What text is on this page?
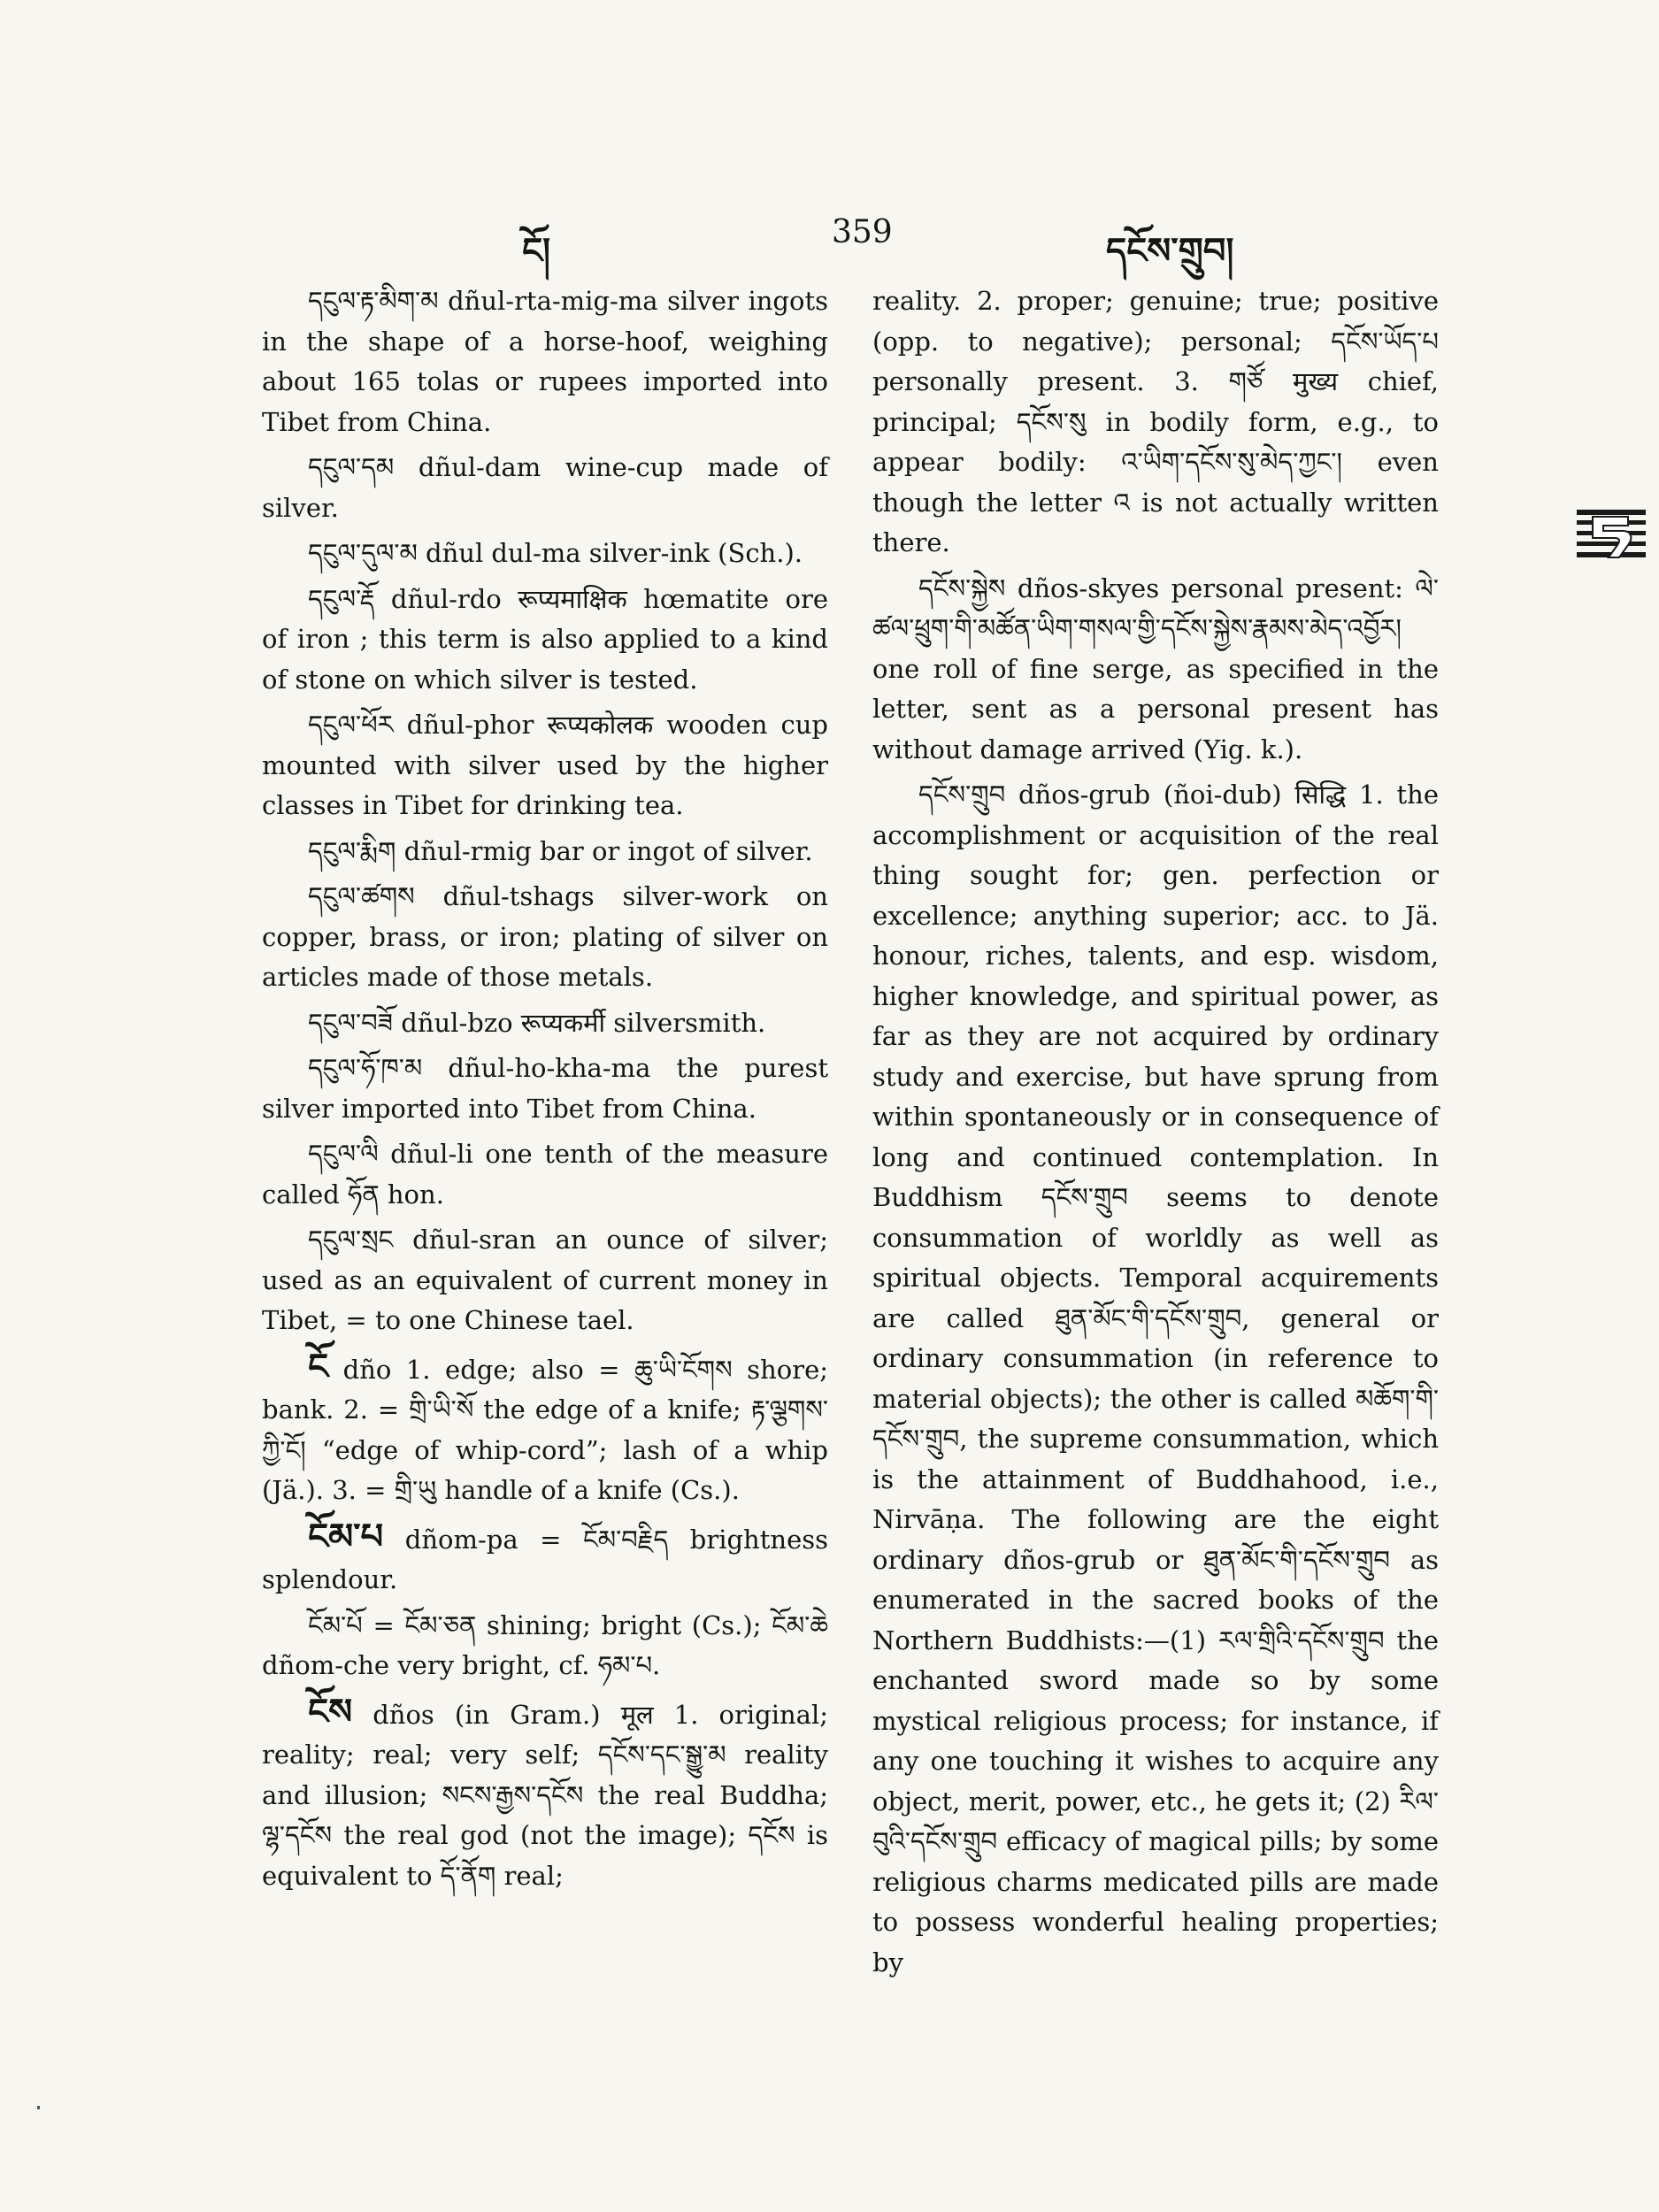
ངོ།	359	དངོས་གྲུབ།

དངུལ་རྟ་མིག་མ dñul-rta-mig-ma silver ingots in the shape of a horse-hoof, weighing about 165 tolas or rupees imported into Tibet from China.

དངུལ་དམ dñul-dam wine-cup made of silver.

དངུལ་དུལ་མ dñul dul-ma silver-ink (Sch.).

དངུལ་རྡོ dñul-rdo रूप्यमाक्षिक hœmatite ore of iron ; this term is also applied to a kind of stone on which silver is tested.

དངུལ་ཕོར dñul-phor रूप्यकोलक wooden cup mounted with silver used by the higher classes in Tibet for drinking tea.

དངུལ་རྨིག dñul-rmig bar or ingot of silver.

དངུལ་ཚགས dñul-tshags silver-work on copper, brass, or iron; plating of silver on articles made of those metals.

དངུལ་བཟོ dñul-bzo रूप्यकर्मी silversmith.

དངུལ་ཧོ་ཁ་མ dñul-ho-kha-ma the purest silver imported into Tibet from China.

དངུལ་ལི dñul-li one tenth of the measure called ཧོན hon.

དངུལ་སྲང dñul-sran an ounce of silver; used as an equivalent of current money in Tibet, = to one Chinese tael.

ངོ dño 1. edge; also = ཆུ་ཡི་ངོགས shore; bank. 2. = གྲི་ཡི་སོ the edge of a knife; རྟ་ལྕགས་ཀྱི་ངོ། “edge of whip-cord”; lash of a whip (Jä.). 3. = གྲི་ཡུ handle of a knife (Cs.).

ངོམ་པ dñom-pa = ངོམ་བརྗིད brightness splendour.

ངོམ་པོ = ངོམ་ཅན shining; bright (Cs.); ངོམ་ཆེ dñom-che very bright, cf. ཧམ་པ.

ངོས dños (in Gram.) मूल 1. original; reality; real; very self; དངོས་དང་སྒྱུ་མ reality and illusion; སངས་རྒྱས་དངོས the real Buddha; ལྷ་དངོས the real god (not the image); དངོས is equivalent to དོ་ནོག real;

reality. 2. proper; genuine; true; positive (opp. to negative); personal; དངོས་ཡོད་པ personally present. 3. གཙོ मुख्य chief, principal; དངོས་སུ in bodily form, e.g., to appear bodily: འ་ཡིག་དངོས་སུ་མེད་ཀྱང་། even though the letter འ is not actually written there.

དངོས་སྐྱེས dños-skyes personal present: ལེ་ཚལ་ཕྲུག་གི་མཚོན་ཡིག་གསལ་གྱི་དངོས་སྐྱེས་རྣམས་མེད་འབྱོར། one roll of fine serge, as specified in the letter, sent as a personal present has without damage arrived (Yig. k.).

དངོས་གྲུབ dños-grub (ñoi-dub) सिद्धि 1. the accomplishment or acquisition of the real thing sought for; gen. perfection or excellence; anything superior; acc. to Jä. honour, riches, talents, and esp. wisdom, higher knowledge, and spiritual power, as far as they are not acquired by ordinary study and exercise, but have sprung from within spontaneously or in consequence of long and continued contemplation. In Buddhism དངོས་གྲུབ seems to denote consummation of worldly as well as spiritual objects. Temporal acquirements are called ཐུན་མོང་གི་དངོས་གྲུབ, general or ordinary consummation (in reference to material objects); the other is called མཆོག་གི་དངོས་གྲུབ, the supreme consummation, which is the attainment of Buddhahood, i.e., Nirvāṇa. The following are the eight ordinary dños-grub or ཐུན་མོང་གི་དངོས་གྲུབ as enumerated in the sacred books of the Northern Buddhists:—(1) རལ་གྲིའི་དངོས་གྲུབ the enchanted sword made so by some mystical religious process; for instance, if any one touching it wishes to acquire any object, merit, power, etc., he gets it; (2) རིལ་བུའི་དངོས་གྲུབ efficacy of magical pills; by some religious charms medicated pills are made to possess wonderful healing properties; by
